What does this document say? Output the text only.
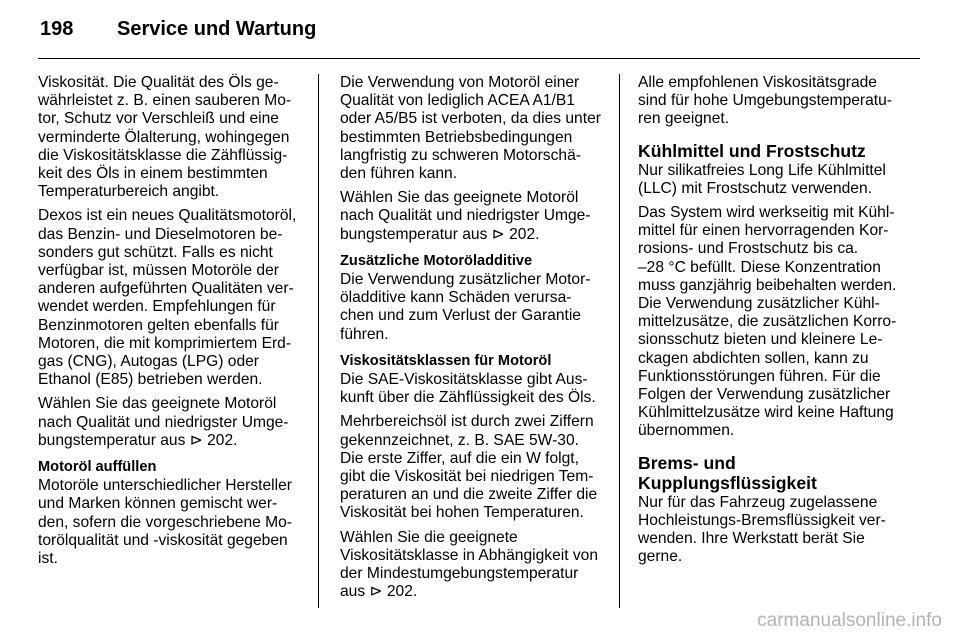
198 Service und Wartung

Viskosität. Die Qualität des Öls ge-
währleistet z. B. einen sauberen Mo-
tor, Schutz vor Verschleiß und eine
verminderte Ölalterung, wohingegen
die Viskositätsklasse die Zähflüssig-
keit des Öls in einem bestimmten
Temperaturbereich angibt.

Dexos ist ein neues Qualitätsmotoröl,
das Benzin- und Dieselmotoren be-
sonders gut schützt. Falls es nicht
verfügbar ist, müssen Motoröle der
anderen aufgeführten Qualitäten ver-
wendet werden. Empfehlungen für
Benzinmotoren gelten ebenfalls für
Motoren, die mit komprimiertem Erd-
gas (CNG), Autogas (LPG) oder
Ethanol (E85) betrieben werden.

Wählen Sie das geeignete Motoröl
nach Qualität und niedrigster Umge-
bungstemperatur aus ⊳ 202.

Motoröl auffüllen

Motoröle unterschiedlicher Hersteller
und Marken können gemischt wer-
den, sofern die vorgeschriebene Mo-
torölqualität und -viskosität gegeben
ist.

Die Verwendung von Motoröl einer
Qualität von lediglich ACEA A1/B1
oder A5/B5 ist verboten, da dies unter
bestimmten Betriebsbedingungen
langfristig zu schweren Motorschä-
den führen kann.

Wählen Sie das geeignete Motoröl
nach Qualität und niedrigster Umge-
bungstemperatur aus ⊳ 202.

Zusätzliche Motoröladditive

Die Verwendung zusätzlicher Motor-
öladditive kann Schäden verursa-
chen und zum Verlust der Garantie
führen.

Viskositätsklassen für Motoröl

Die SAE-Viskositätsklasse gibt Aus-
kunft über die Zähflüssigkeit des Öls.

Mehrbereichsöl ist durch zwei Ziffern
gekennzeichnet, z. B. SAE 5W-30.
Die erste Ziffer, auf die ein W folgt,
gibt die Viskosität bei niedrigen Tem-
peraturen an und die zweite Ziffer die
Viskosität bei hohen Temperaturen.

Wählen Sie die geeignete
Viskositätsklasse in Abhängigkeit von
der Mindestumgebungstemperatur
aus ⊳ 202.

Alle empfohlenen Viskositätsgrade
sind für hohe Umgebungstemperatu-
ren geeignet.

Kühlmittel und Frostschutz

Nur silikatfreies Long Life Kühlmittel
(LLC) mit Frostschutz verwenden.

Das System wird werkseitig mit Kühl-
mittel für einen hervorragenden Kor-
rosions- und Frostschutz bis ca.
–28 °C befüllt. Diese Konzentration
muss ganzjährig beibehalten werden.
Die Verwendung zusätzlicher Kühl-
mittelzusätze, die zusätzlichen Korro-
sionsschutz bieten und kleinere Le-
ckagen abdichten sollen, kann zu
Funktionsstörungen führen. Für die
Folgen der Verwendung zusätzlicher
Kühlmittelzusätze wird keine Haftung
übernommen.

Brems- und
Kupplungsflüssigkeit

Nur für das Fahrzeug zugelassene
Hochleistungs-Bremsflüssigkeit ver-
wenden. Ihre Werkstatt berät Sie
gerne.

carmanualsonline.info
